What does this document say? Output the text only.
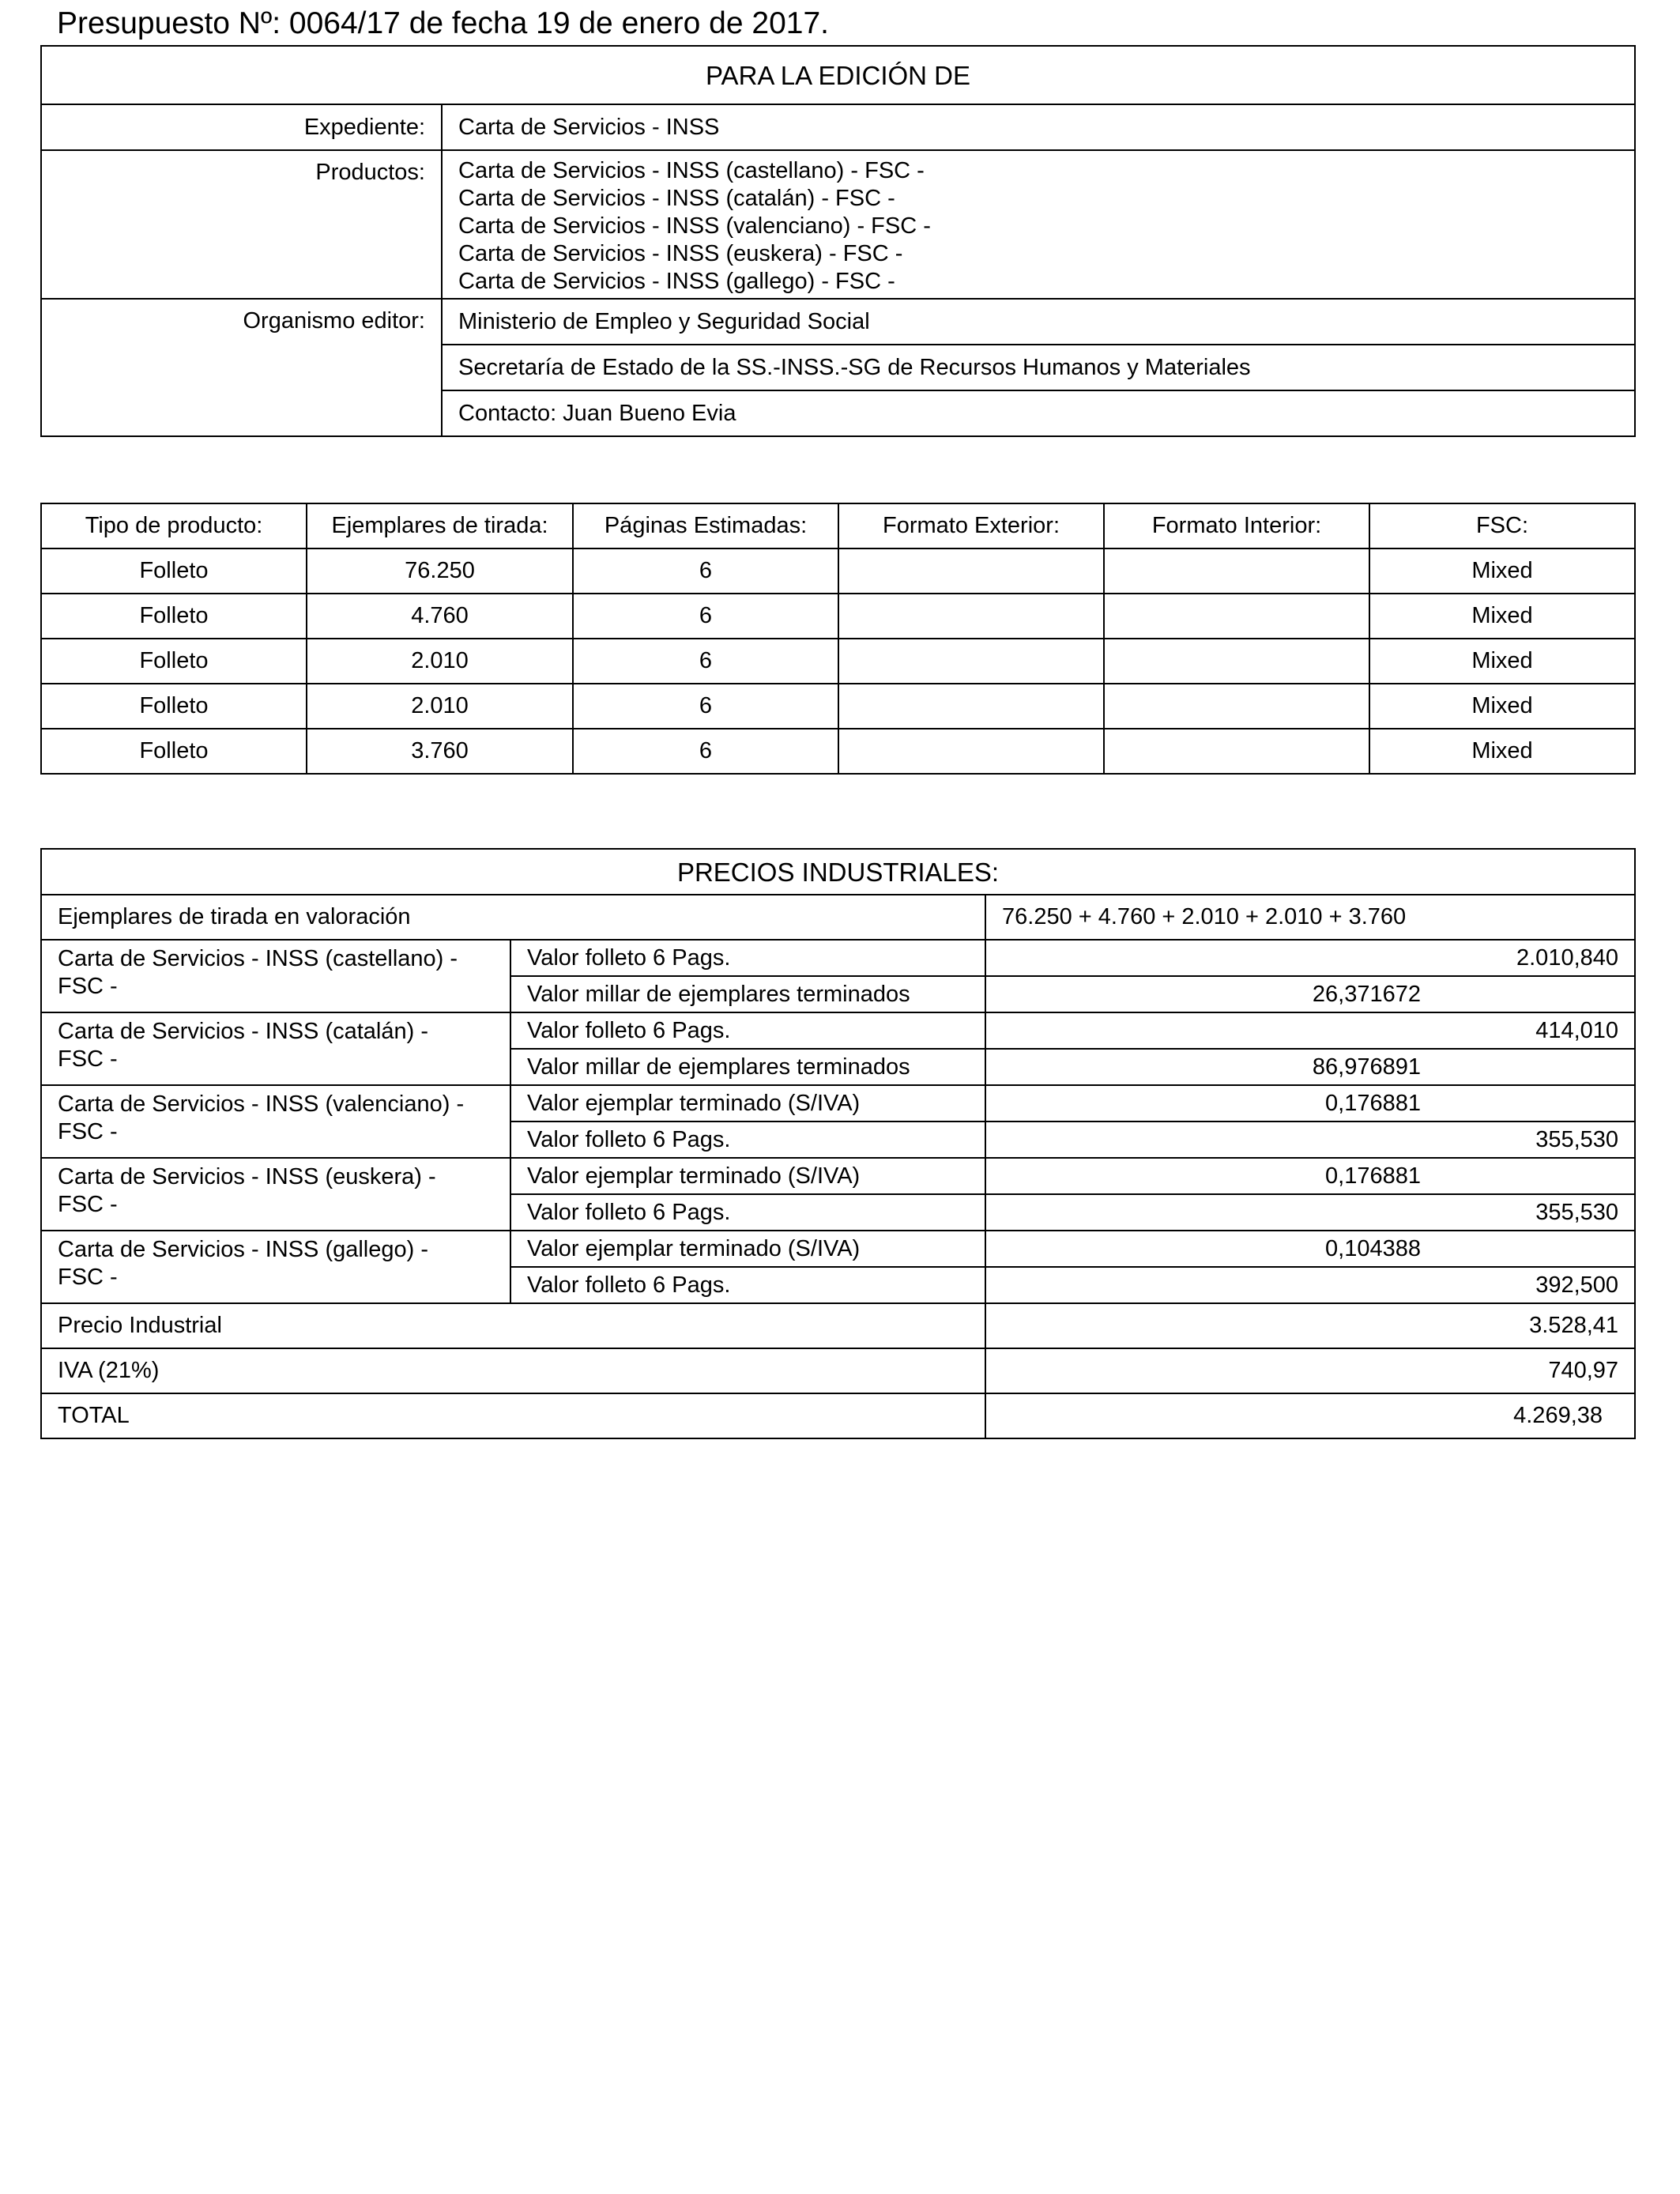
Presupuesto Nº: 0064/17 de fecha 19 de enero de 2017.
PARA LA EDICIÓN DE	
Expediente:	Carta de Servicios - INSS
Productos:	Carta de Servicios - INSS (castellano) - FSC -
Carta de Servicios - INSS (catalán) - FSC -
Carta de Servicios - INSS (valenciano) - FSC -
Carta de Servicios - INSS (euskera) - FSC -
Carta de Servicios - INSS (gallego) - FSC -

Organismo editor:	Ministerio de Empleo y Seguridad Social
	Secretaría de Estado de la SS.-INSS.-SG de Recursos Humanos y Materiales
	Contacto: Juan Bueno Evia
Tipo de producto:	Ejemplares de tirada:	Páginas Estimadas:	Formato Exterior:	Formato Interior:	FSC:
Folleto	76.250	6			Mixed
Folleto	4.760	6			Mixed
Folleto	2.010	6			Mixed
Folleto	2.010	6			Mixed
Folleto	3.760	6			Mixed
PRECIOS INDUSTRIALES:		
Ejemplares de tirada en valoración		76.250 + 4.760 + 2.010 + 2.010 + 3.760

Carta de Servicios - INSS (castellano) -
FSC -	Valor folleto 6 Pags.	2.010,840
	Valor millar de ejemplares terminados	26,371672

Carta de Servicios - INSS (catalán) -
FSC -	Valor folleto 6 Pags.	414,010
	Valor millar de ejemplares terminados	86,976891

Carta de Servicios - INSS (valenciano) -
FSC -	Valor ejemplar terminado (S/IVA)	0,176881
	Valor folleto 6 Pags.	355,530

Carta de Servicios - INSS (euskera) -
FSC -	Valor ejemplar terminado (S/IVA)	0,176881
	Valor folleto 6 Pags.	355,530

Carta de Servicios - INSS (gallego) -
FSC -	Valor ejemplar terminado (S/IVA)	0,104388
	Valor folleto 6 Pags.	392,500
Precio Industrial		3.528,41
IVA (21%)		740,97
TOTAL		4.269,38
